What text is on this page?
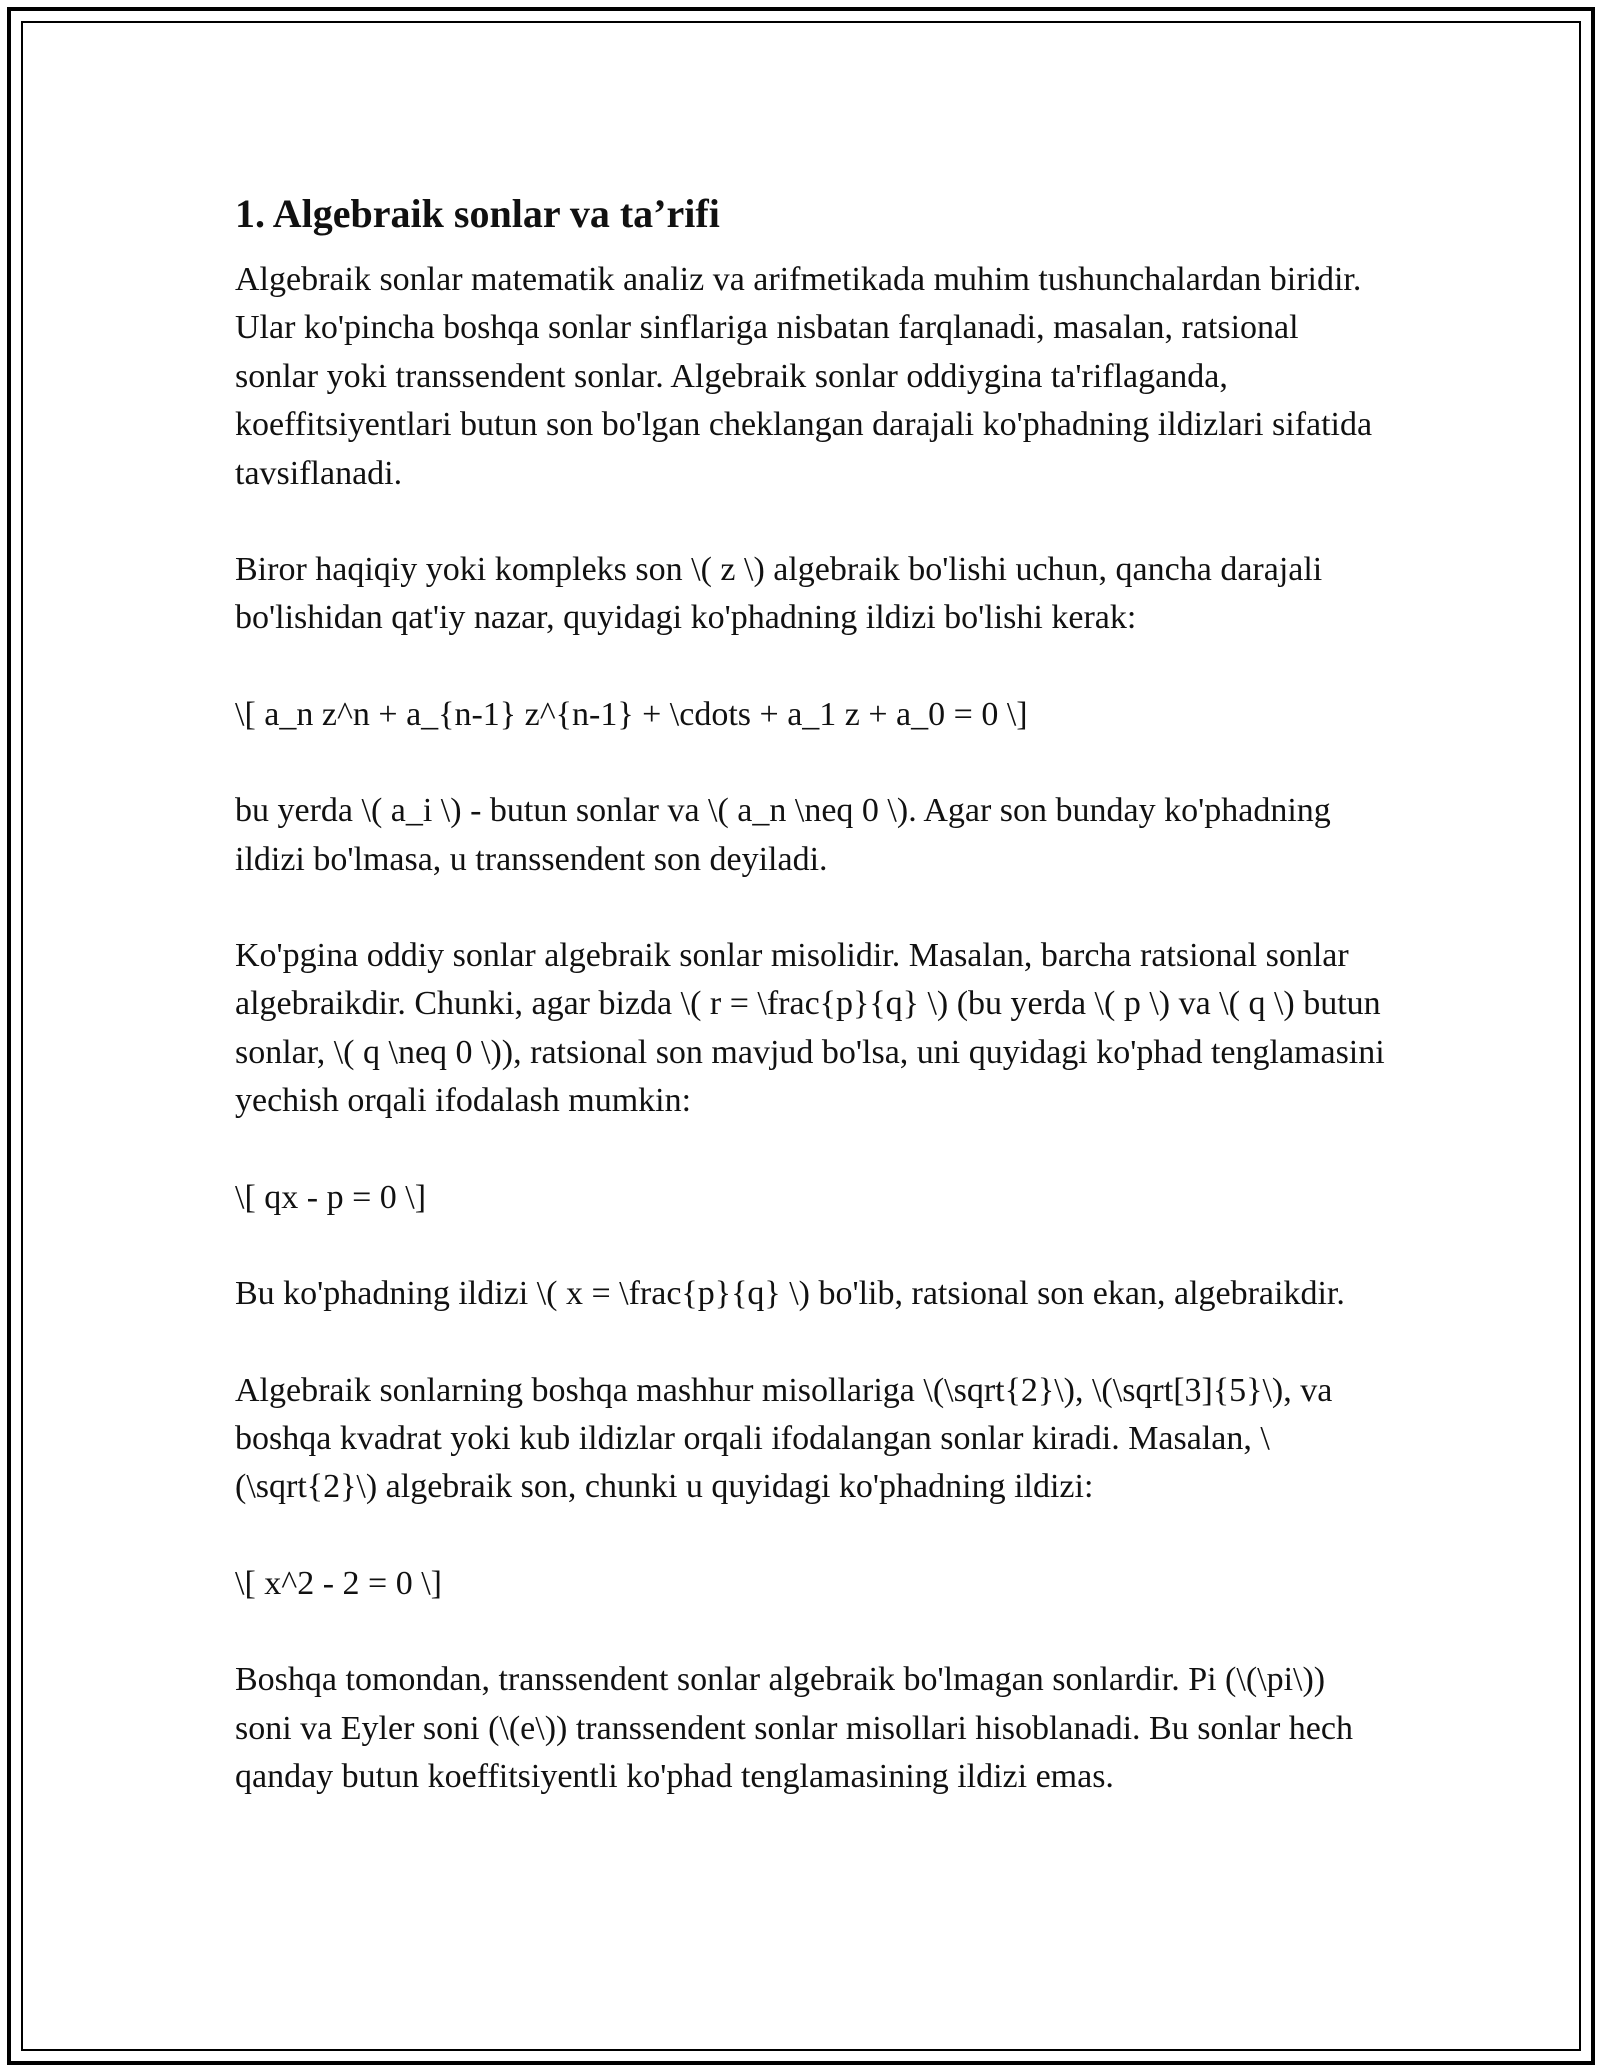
1. Algebraik sonlar va ta’rifi

Algebraik sonlar matematik analiz va arifmetikada muhim tushunchalardan biridir. Ular ko'pincha boshqa sonlar sinflariga nisbatan farqlanadi, masalan, ratsional sonlar yoki transsendent sonlar. Algebraik sonlar oddiygina ta'riflaganda, koeffitsiyentlari butun son bo'lgan cheklangan darajali ko'phadning ildizlari sifatida tavsiflanadi.

Biror haqiqiy yoki kompleks son \( z \) algebraik bo'lishi uchun, qancha darajali bo'lishidan qat'iy nazar, quyidagi ko'phadning ildizi bo'lishi kerak:

\[ a_n z^n + a_{n-1} z^{n-1} + \cdots + a_1 z + a_0 = 0 \]

bu yerda \( a_i \) - butun sonlar va \( a_n \neq 0 \). Agar son bunday ko'phadning ildizi bo'lmasa, u transsendent son deyiladi.

Ko'pgina oddiy sonlar algebraik sonlar misolidir. Masalan, barcha ratsional sonlar algebraikdir. Chunki, agar bizda \( r = \frac{p}{q} \) (bu yerda \( p \) va \( q \) butun sonlar, \( q \neq 0 \)), ratsional son mavjud bo'lsa, uni quyidagi ko'phad tenglamasini yechish orqali ifodalash mumkin:

\[ qx - p = 0 \]

Bu ko'phadning ildizi \( x = \frac{p}{q} \) bo'lib, ratsional son ekan, algebraikdir.

Algebraik sonlarning boshqa mashhur misollariga \(\sqrt{2}\), \(\sqrt[3]{5}\), va boshqa kvadrat yoki kub ildizlar orqali ifodalangan sonlar kiradi. Masalan, \(\sqrt{2}\) algebraik son, chunki u quyidagi ko'phadning ildizi:

\[ x^2 - 2 = 0 \]

Boshqa tomondan, transsendent sonlar algebraik bo'lmagan sonlardir. Pi (\(\pi\)) soni va Eyler soni (\(e\)) transsendent sonlar misollari hisoblanadi. Bu sonlar hech qanday butun koeffitsiyentli ko'phad tenglamasining ildizi emas.
